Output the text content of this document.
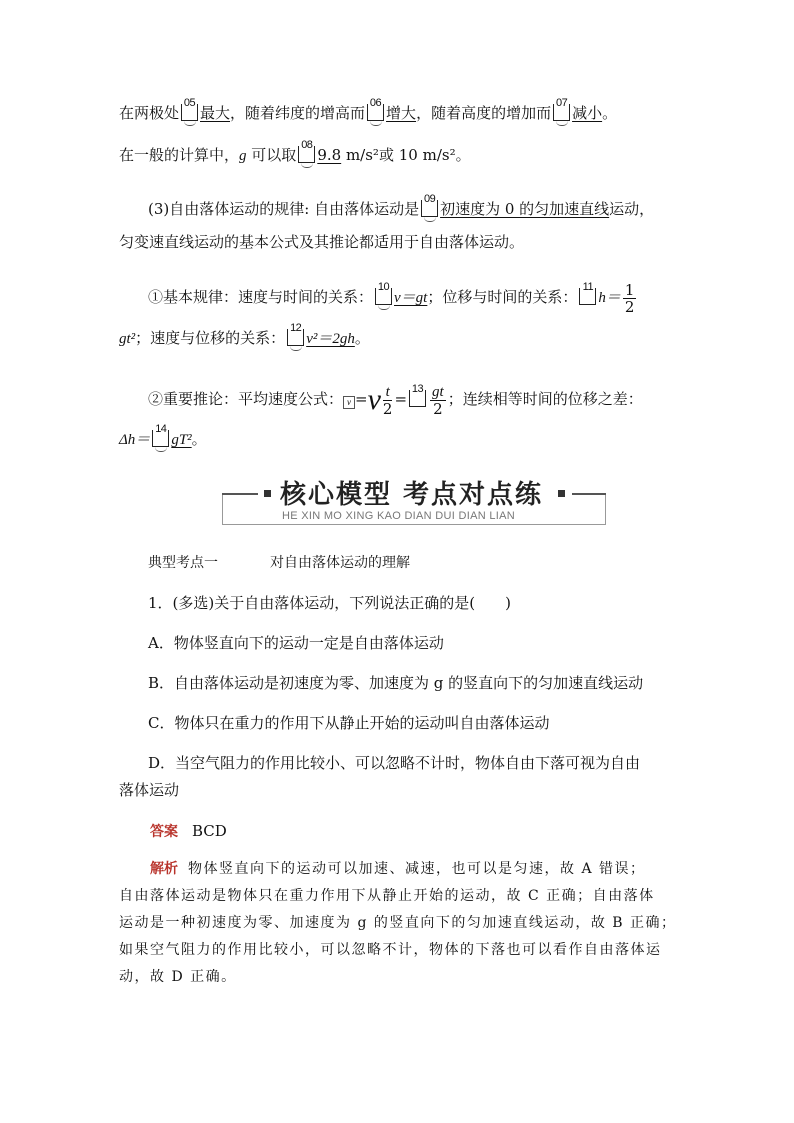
在两极处
05
最大，随着纬度的增高而
06
增大，随着高度的增加而
07
减小。
在一般的计算中，g 可以取
08
9.8 m/s²或 10 m/s²。
(3)自由落体运动的规律: 自由落体运动是
09
初速度为 0 的匀加速直线运动，
匀变速直线运动的基本公式及其推论都适用于自由落体运动。
①基本规律：速度与时间的关系：
10
v＝gt；位移与时间的关系：
11
$h= \frac{1}{2}$
gt²；速度与位移的关系：
12
v²＝2gh。
②重要推论：平均速度公式： $v =v \frac{t}{2}$ =
$13 \frac{gt}{2}$ ；连续相等时间的位移之差：
Δh＝
14
gT²。
核心模型 考点对点练
HE XIN MO XING KAO DIAN DUI DIAN LIAN
典型考点一	对自由落体运动的理解
1．(多选)关于自由落体运动，下列说法正确的是(　　)
A．物体竖直向下的运动一定是自由落体运动
B．自由落体运动是初速度为零、加速度为 g 的竖直向下的匀加速直线运动
C．物体只在重力的作用下从静止开始的运动叫自由落体运动
D．当空气阻力的作用比较小、可以忽略不计时，物体自由下落可视为自由
落体运动
答案 BCD
解析 物体竖直向下的运动可以加速、减速，也可以是匀速，故 A 错误；
自由落体运动是物体只在重力作用下从静止开始的运动，故 C 正确；自由落体
运动是一种初速度为零、加速度为 g 的竖直向下的匀加速直线运动，故 B 正确；
如果空气阻力的作用比较小，可以忽略不计，物体的下落也可以看作自由落体运
动，故 D 正确。
